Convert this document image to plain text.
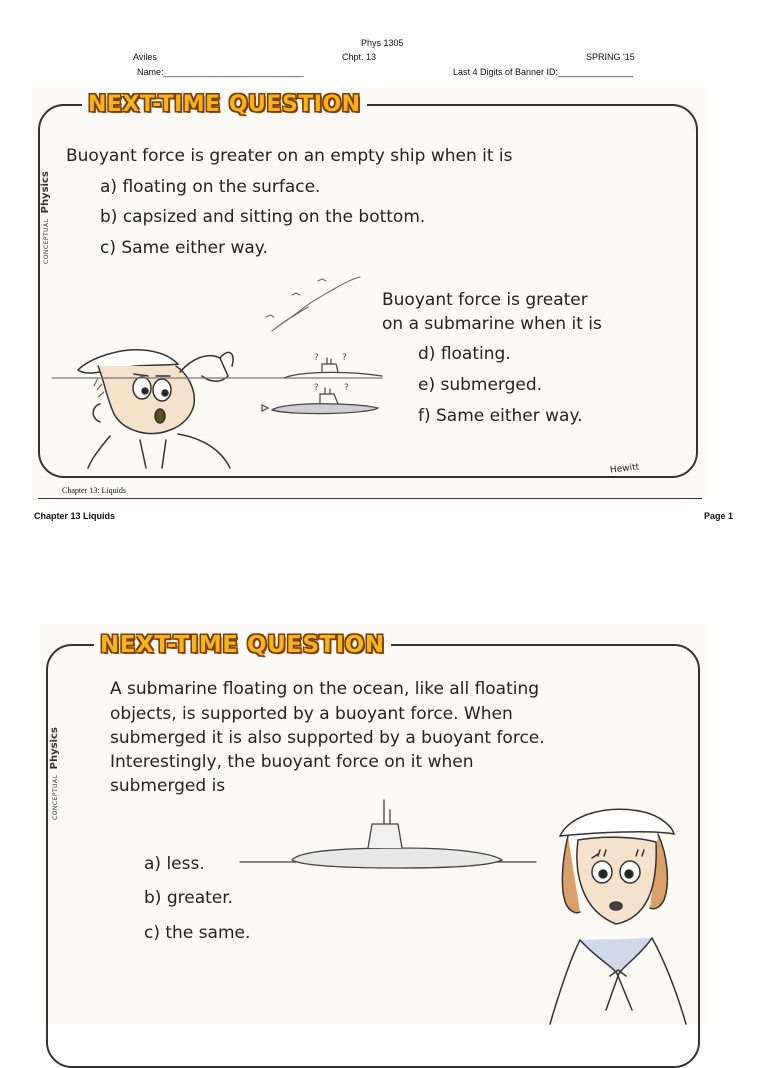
Phys 1305
Aviles	Chpt. 13	SPRING '15
Name:____________________________	Last 4 Digits of Banner ID:_______________
NEXT-TIME QUESTION
CONCEPTUAL Physics
Buoyant force is greater on an empty ship when it is
a) floating on the surface.
b) capsized and sitting on the bottom.
c) Same either way.
Buoyant force is greater
on a submarine when it is
d) floating.
e) submerged.
f) Same either way.
?	?
?	?
Hewitt
Chapter 13: Liquids
Chapter 13 Liquids	Page 1
NEXT-TIME QUESTION
CONCEPTUAL Physics
A submarine floating on the ocean, like all floating
objects, is supported by a buoyant force. When
submerged it is also supported by a buoyant force.
Interestingly, the buoyant force on it when
submerged is
a) less.
b) greater.
c) the same.
